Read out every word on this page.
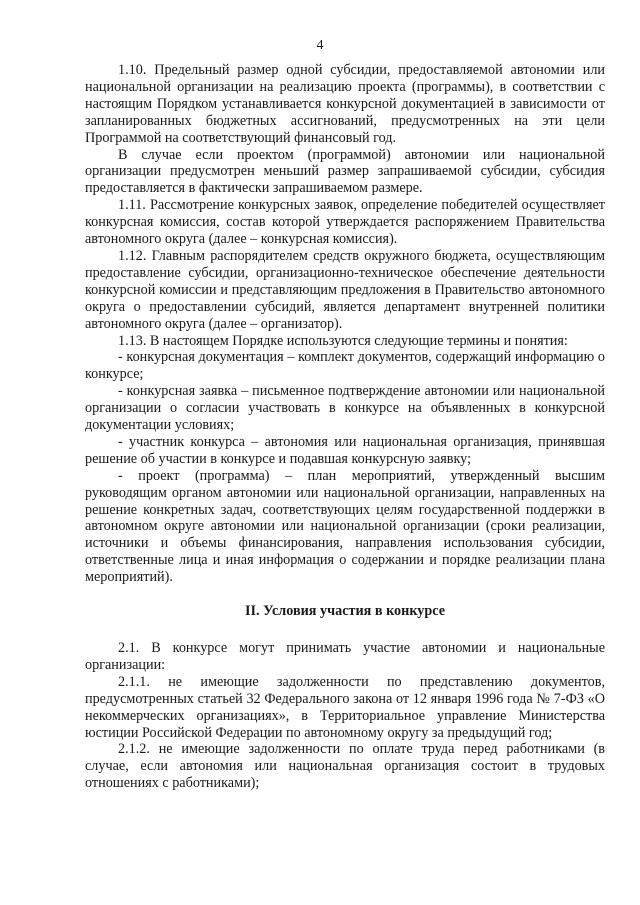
4

1.10. Предельный размер одной субсидии, предоставляемой автономии или национальной организации на реализацию проекта (программы), в соответствии с настоящим Порядком устанавливается конкурсной документацией в зависимости от запланированных бюджетных ассигнований, предусмотренных на эти цели Программой на соответствующий финансовый год.

В случае если проектом (программой) автономии или национальной организации предусмотрен меньший размер запрашиваемой субсидии, субсидия предоставляется в фактически запрашиваемом размере.

1.11. Рассмотрение конкурсных заявок, определение победителей осуществляет конкурсная комиссия, состав которой утверждается распоряжением Правительства автономного округа (далее – конкурсная комиссия).

1.12. Главным распорядителем средств окружного бюджета, осуществляющим предоставление субсидии, организационно-техническое обеспечение деятельности конкурсной комиссии и представляющим предложения в Правительство автономного округа о предоставлении субсидий, является департамент внутренней политики автономного округа (далее – организатор).

1.13. В настоящем Порядке используются следующие термины и понятия:

- конкурсная документация – комплект документов, содержащий информацию о конкурсе;

- конкурсная заявка – письменное подтверждение автономии или национальной организации о согласии участвовать в конкурсе на объявленных в конкурсной документации условиях;

- участник конкурса – автономия или национальная организация, принявшая решение об участии в конкурсе и подавшая конкурсную заявку;

- проект (программа) – план мероприятий, утвержденный высшим руководящим органом автономии или национальной организации, направленных на решение конкретных задач, соответствующих целям государственной поддержки в автономном округе автономии или национальной организации (сроки реализации, источники и объемы финансирования, направления использования субсидии, ответственные лица и иная информация о содержании и порядке реализации плана мероприятий).

II. Условия участия в конкурсе

2.1. В конкурсе могут принимать участие автономии и национальные организации:

2.1.1. не имеющие задолженности по представлению документов, предусмотренных статьей 32 Федерального закона от 12 января 1996 года № 7-ФЗ «О некоммерческих организациях», в Территориальное управление Министерства юстиции Российской Федерации по автономному округу за предыдущий год;

2.1.2. не имеющие задолженности по оплате труда перед работниками (в случае, если автономия или национальная организация состоит в трудовых отношениях с работниками);
